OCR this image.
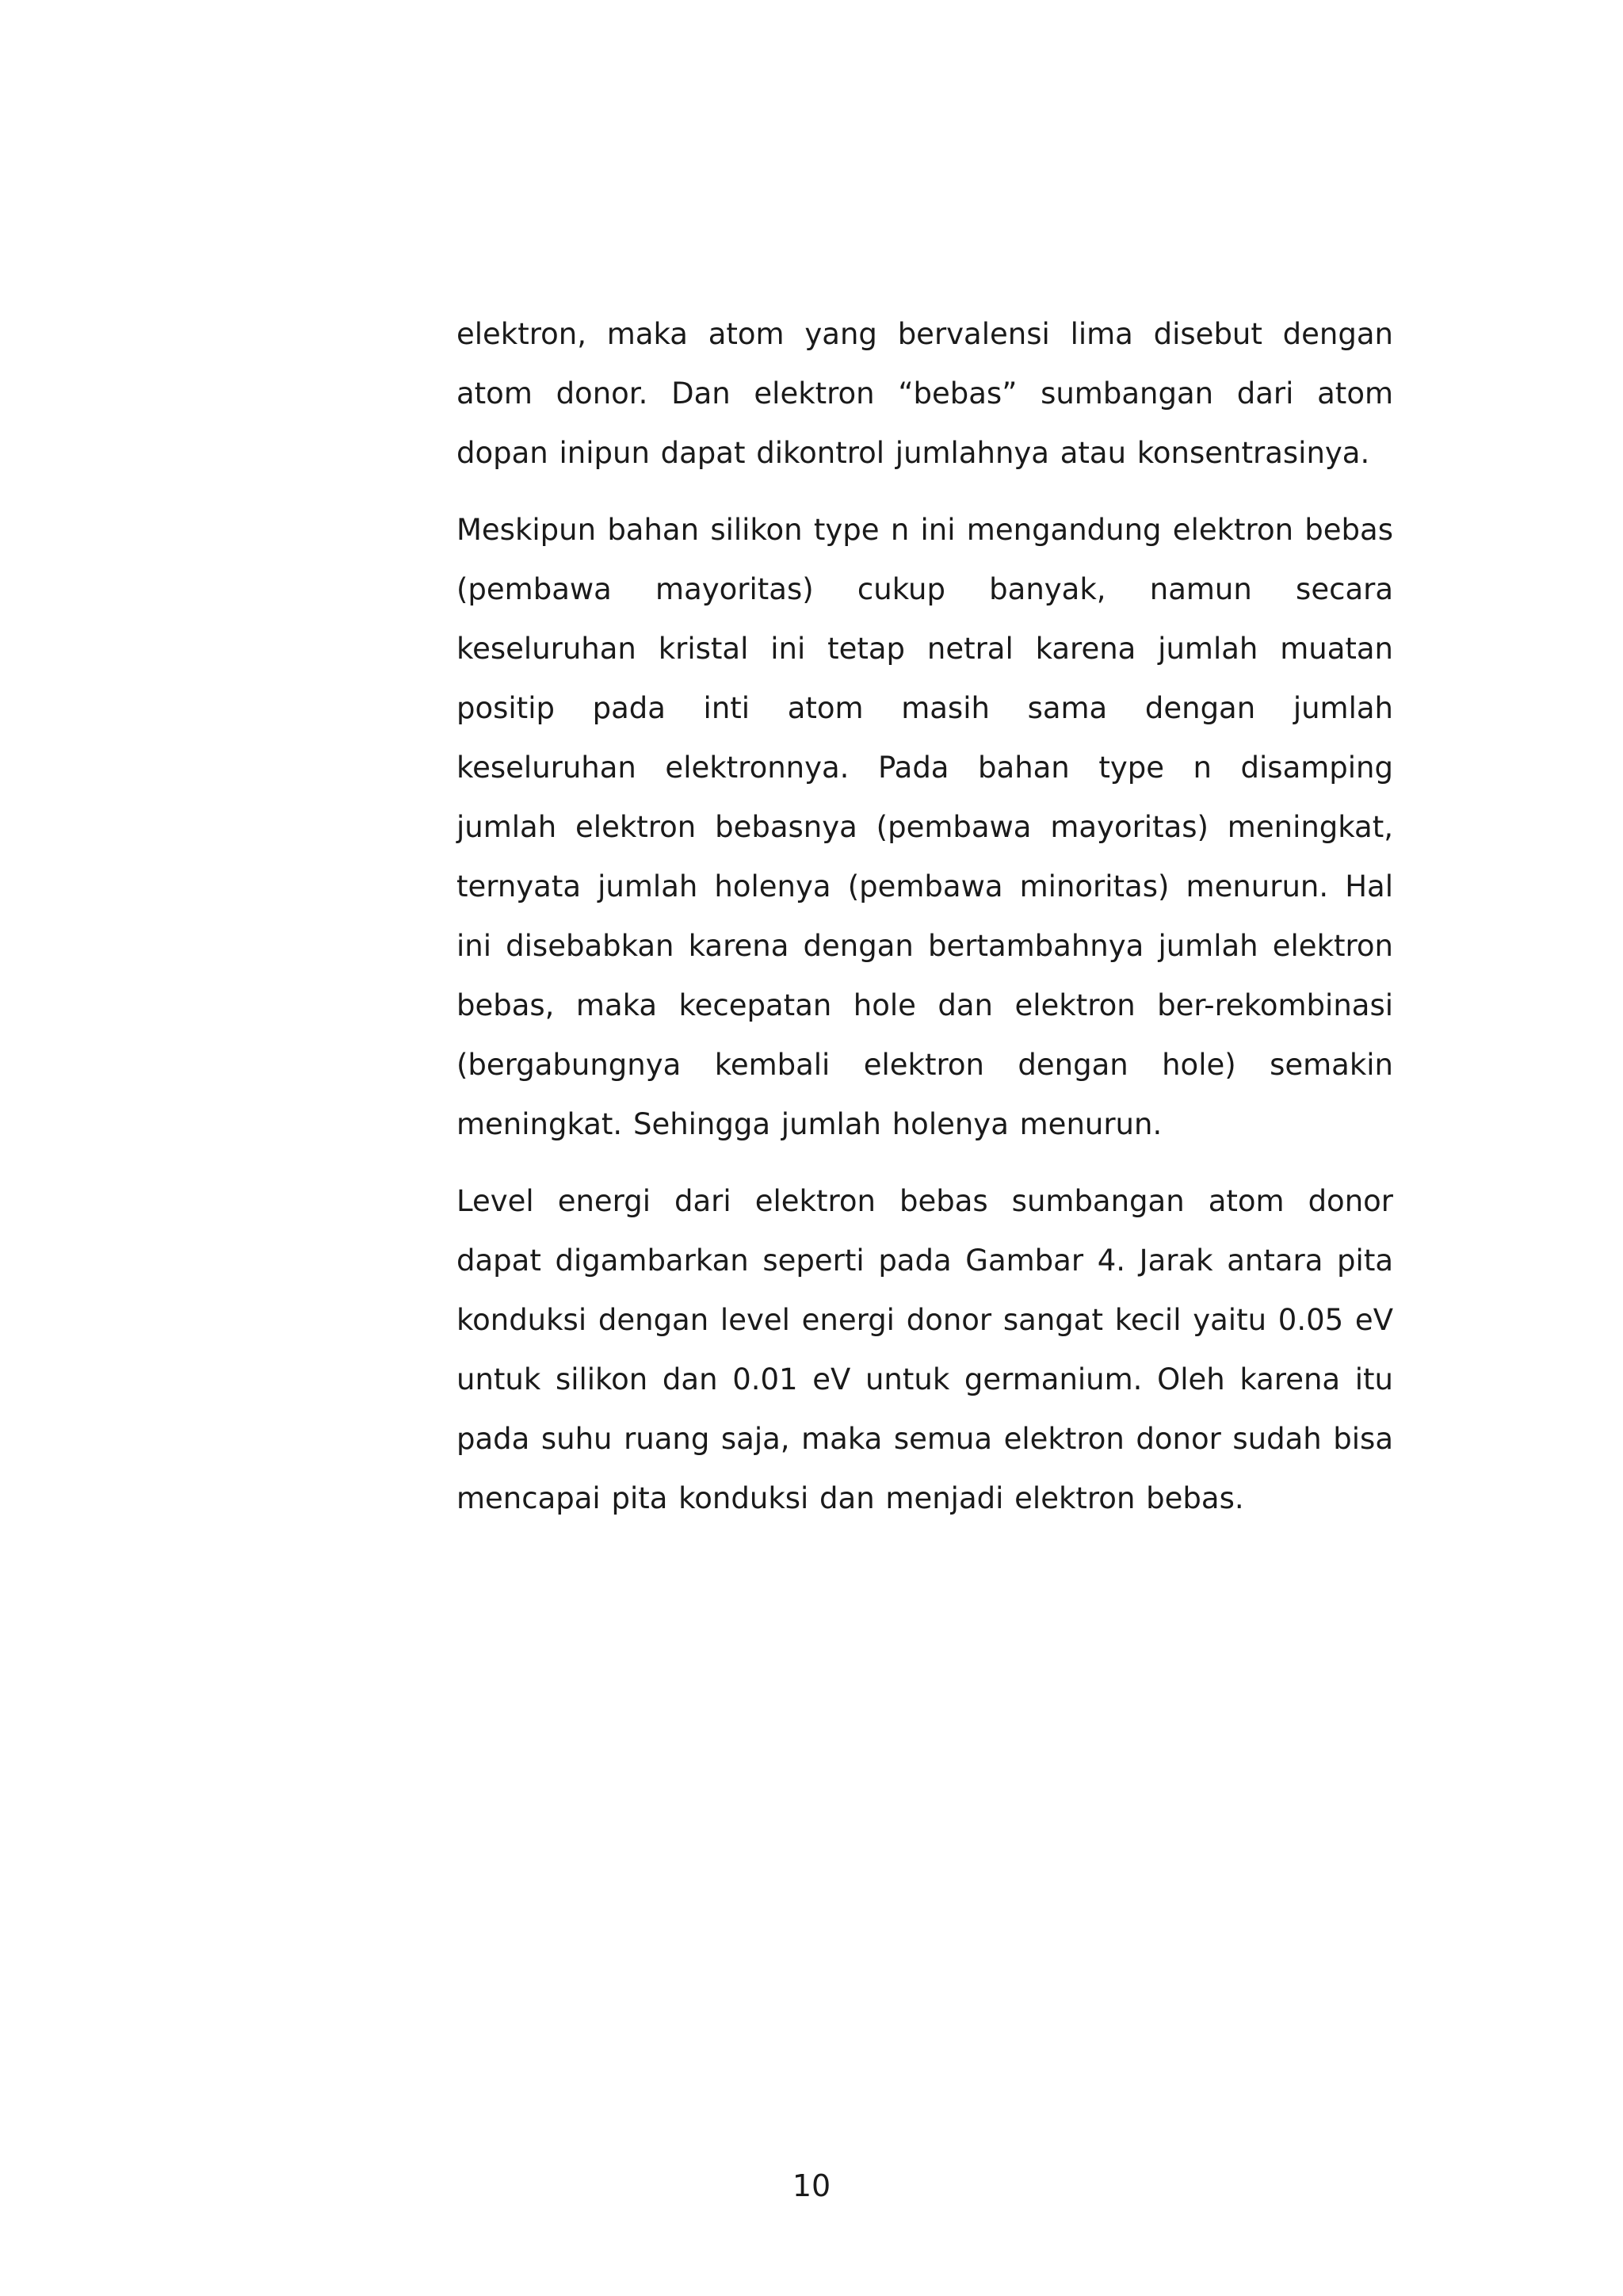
elektron, maka atom yang bervalensi lima disebut dengan atom donor. Dan elektron “bebas” sumbangan dari atom dopan inipun dapat dikontrol jumlahnya atau konsentrasinya.

Meskipun bahan silikon type n ini mengandung elektron bebas (pembawa mayoritas) cukup banyak, namun secara keseluruhan kristal ini tetap netral karena jumlah muatan positip pada inti atom masih sama dengan jumlah keseluruhan elektronnya. Pada bahan type n disamping jumlah elektron bebasnya (pembawa mayoritas) meningkat, ternyata jumlah holenya (pembawa minoritas) menurun. Hal ini disebabkan karena dengan bertambahnya jumlah elektron bebas, maka kecepatan hole dan elektron ber-rekombinasi (bergabungnya kembali elektron dengan hole) semakin meningkat. Sehingga jumlah holenya menurun.

Level energi dari elektron bebas sumbangan atom donor dapat digambarkan seperti pada Gambar 4. Jarak antara pita konduksi dengan level energi donor sangat kecil yaitu 0.05 eV untuk silikon dan 0.01 eV untuk germanium. Oleh karena itu pada suhu ruang saja, maka semua elektron donor sudah bisa mencapai pita konduksi dan menjadi elektron bebas.

10
